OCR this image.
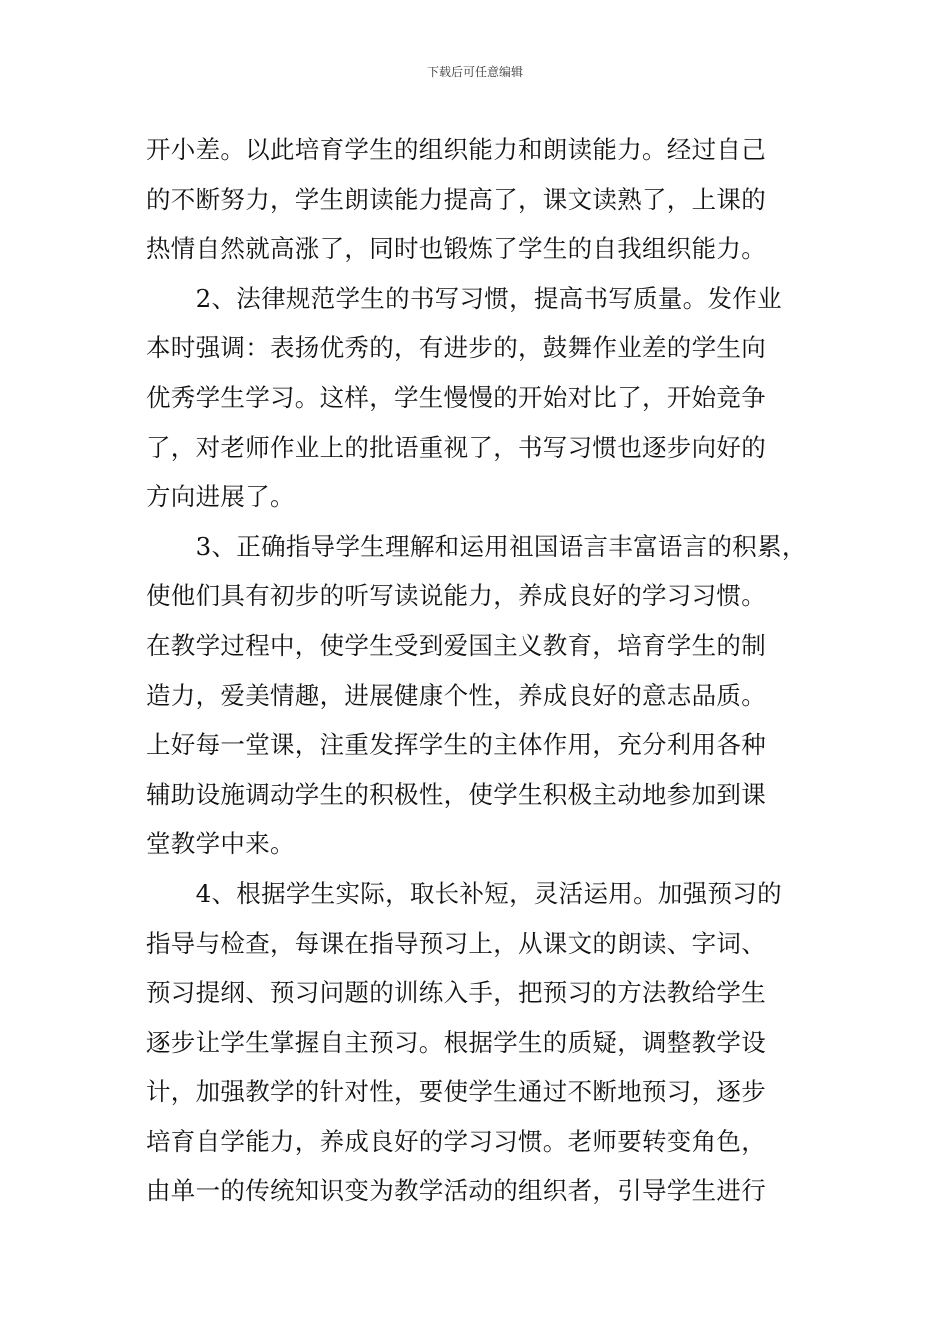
下载后可任意编辑
开小差。以此培育学生的组织能力和朗读能力。经过自己
的不断努力，学生朗读能力提高了，课文读熟了，上课的
热情自然就高涨了，同时也锻炼了学生的自我组织能力。
　　2、法律规范学生的书写习惯，提高书写质量。发作业
本时强调：表扬优秀的，有进步的，鼓舞作业差的学生向
优秀学生学习。这样，学生慢慢的开始对比了，开始竞争
了，对老师作业上的批语重视了，书写习惯也逐步向好的
方向进展了。
　　3、正确指导学生理解和运用祖国语言丰富语言的积累，
使他们具有初步的听写读说能力，养成良好的学习习惯。
在教学过程中，使学生受到爱国主义教育，培育学生的制
造力，爱美情趣，进展健康个性，养成良好的意志品质。
上好每一堂课，注重发挥学生的主体作用，充分利用各种
辅助设施调动学生的积极性，使学生积极主动地参加到课
堂教学中来。
　　4、根据学生实际，取长补短，灵活运用。加强预习的
指导与检查，每课在指导预习上，从课文的朗读、字词、
预习提纲、预习问题的训练入手，把预习的方法教给学生
逐步让学生掌握自主预习。根据学生的质疑，调整教学设
计，加强教学的针对性，要使学生通过不断地预习，逐步
培育自学能力，养成良好的学习习惯。老师要转变角色，
由单一的传统知识变为教学活动的组织者，引导学生进行
